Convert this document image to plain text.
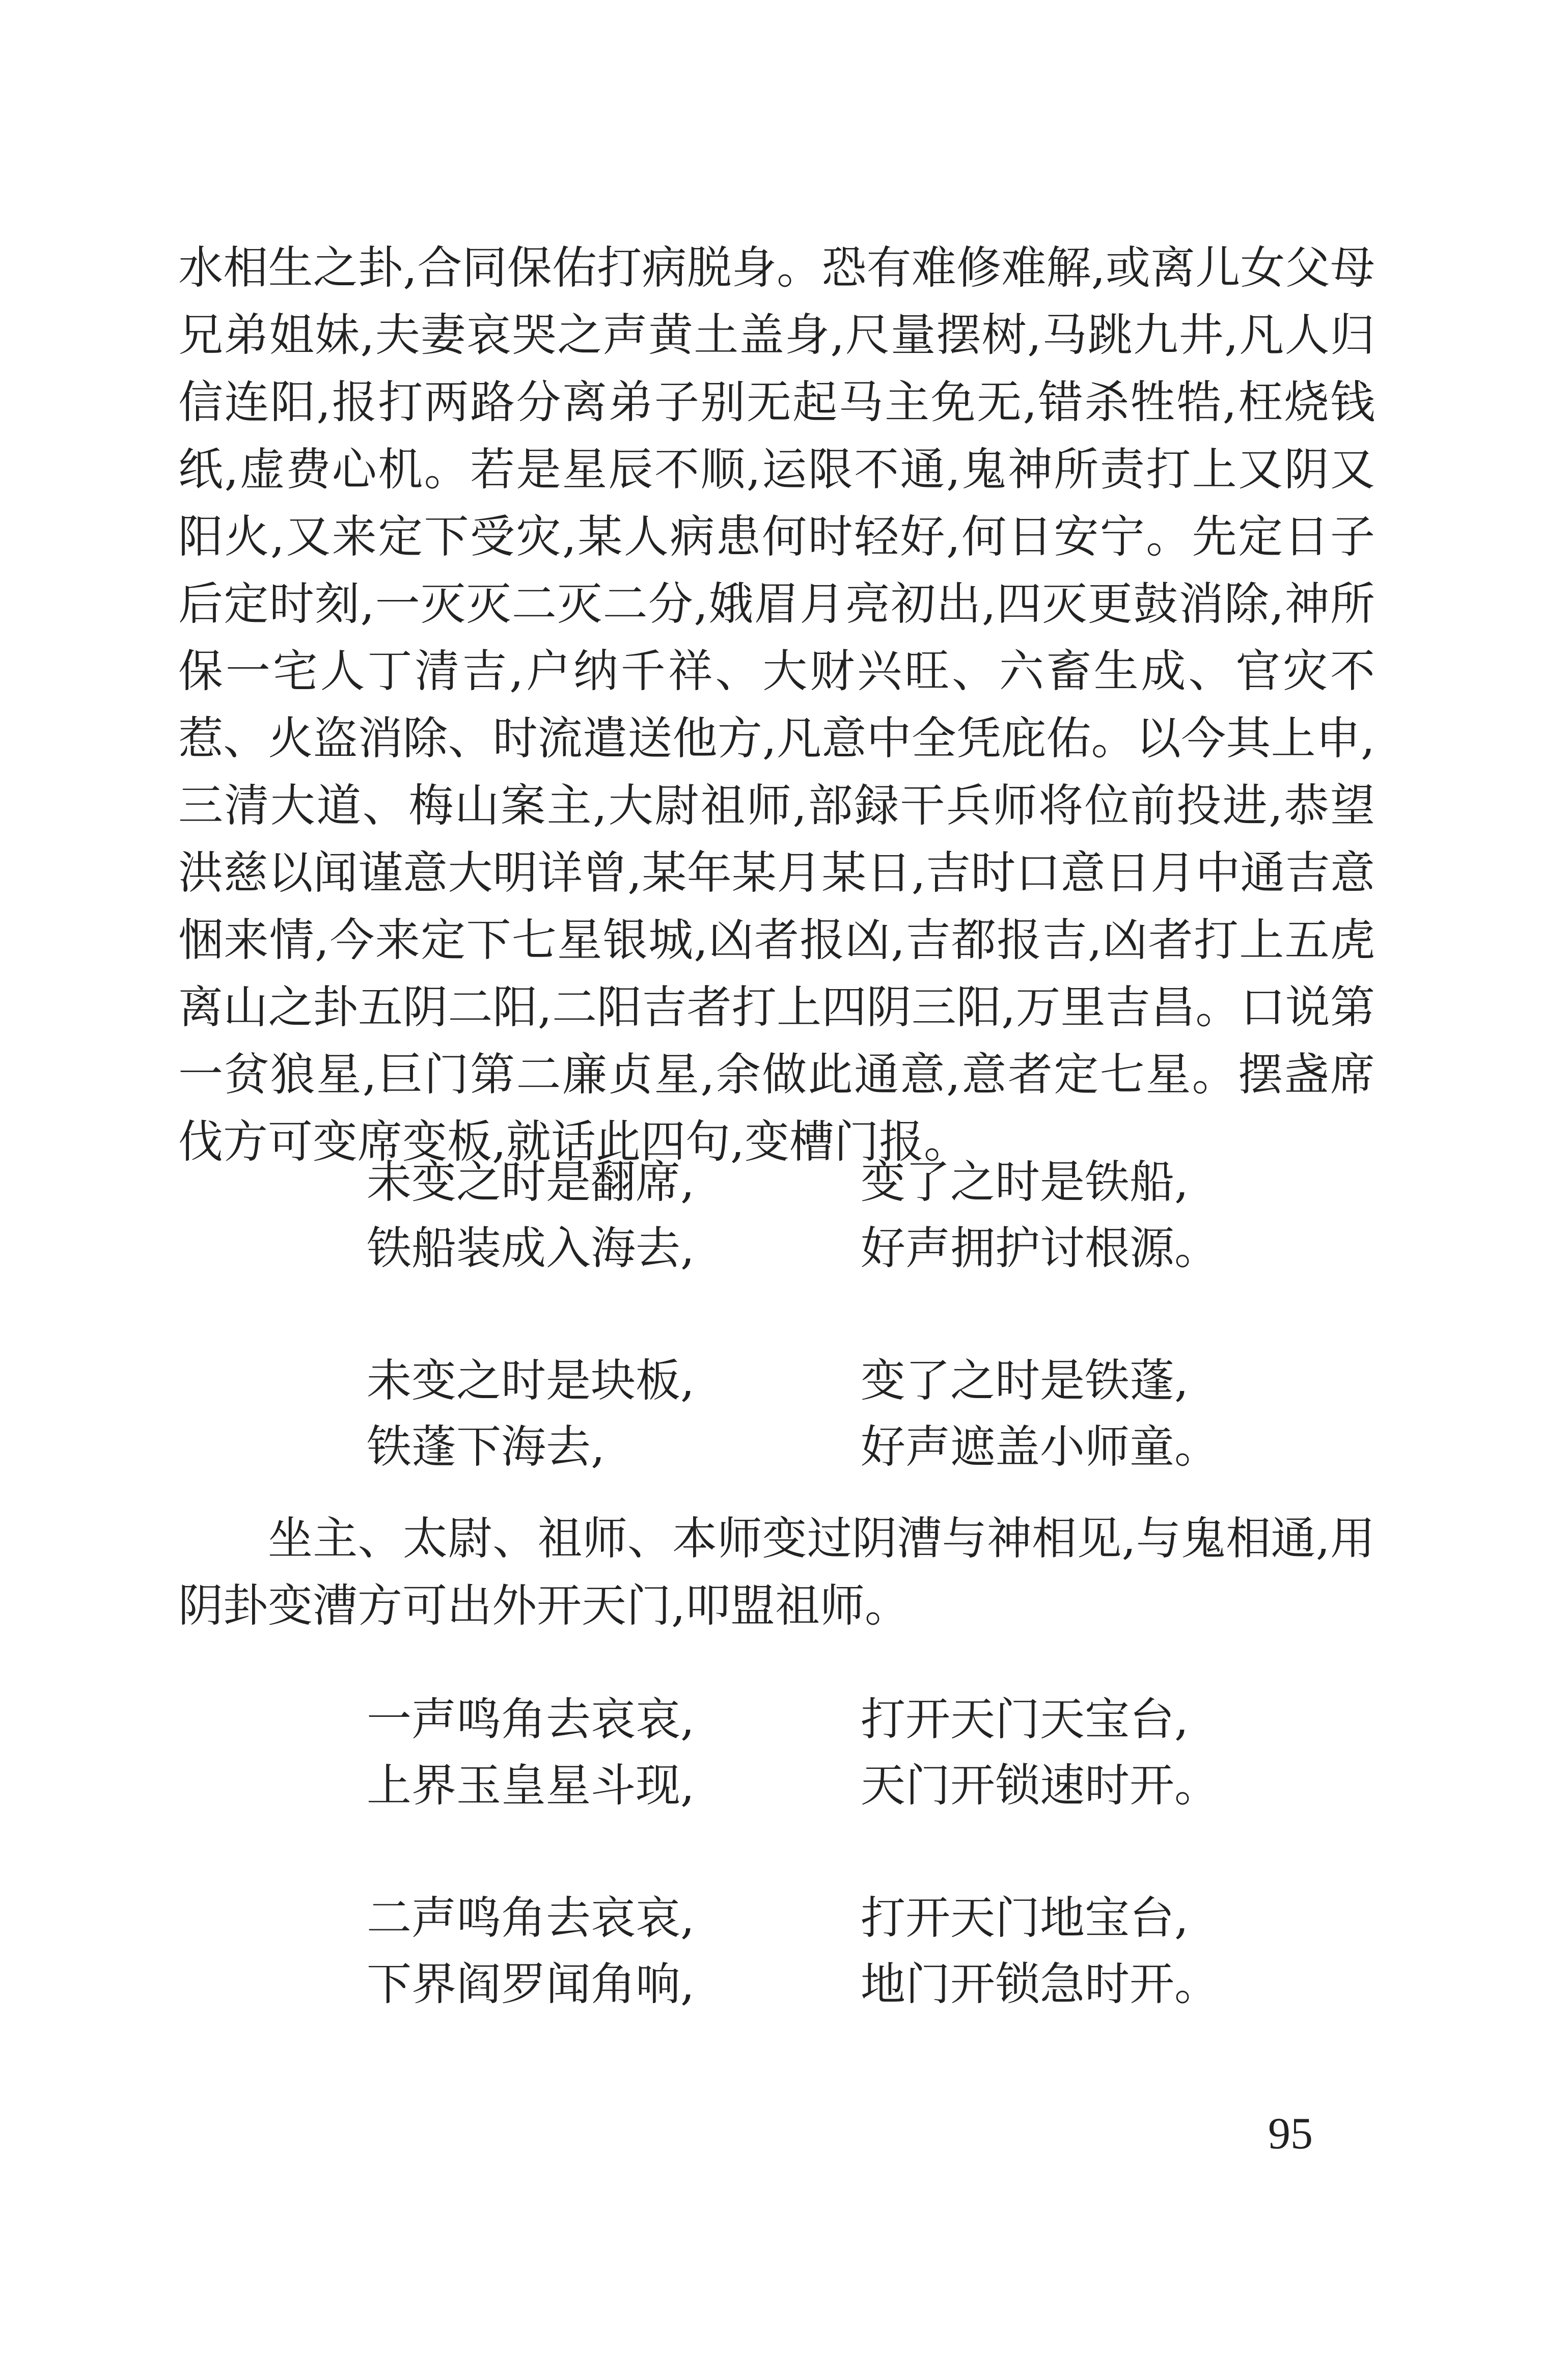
水相生之卦,合同保佑打病脱身。恐有难修难解,或离儿女父母兄弟姐妹,夫妻哀哭之声黄土盖身,尺量摆树,马跳九井,凡人归信连阳,报打两路分离弟子别无起马主免无,错杀牲牿,枉烧钱纸,虚费心机。若是星辰不顺,运限不通,鬼神所责打上又阴又阳火,又来定下受灾,某人病患何时轻好,何日安宁。先定日子后定时刻,一灭灭二灭二分,娥眉月亮初出,四灭更鼓消除,神所保一宅人丁清吉,户纳千祥、大财兴旺、六畜生成、官灾不惹、火盗消除、时流遣送他方,凡意中全凭庇佑。以今其上申,三清大道、梅山案主,大尉祖师,部録干兵师将位前投进,恭望洪慈以闻谨意大明详曾,某年某月某日,吉时口意日月中通吉意悃来情,今来定下七星银城,凶者报凶,吉都报吉,凶者打上五虎离山之卦五阴二阳,二阳吉者打上四阴三阳,万里吉昌。口说第一贫狼星,巨门第二廉贞星,余做此通意,意者定七星。摆盏席伐方可变席变板,就话此四句,变槽门报。

未变之时是翻席,	变了之时是铁船,
铁船装成入海去,	好声拥护讨根源。
未变之时是块板,	变了之时是铁蓬,
铁蓬下海去,	好声遮盖小师童。

坐主、太尉、祖师、本师变过阴漕与神相见,与鬼相通,用阴卦变漕方可出外开天门,叩盟祖师。

一声鸣角去哀哀,	打开天门天宝台,
上界玉皇星斗现,	天门开锁速时开。
二声鸣角去哀哀,	打开天门地宝台,
下界阎罗闻角响,	地门开锁急时开。
95
